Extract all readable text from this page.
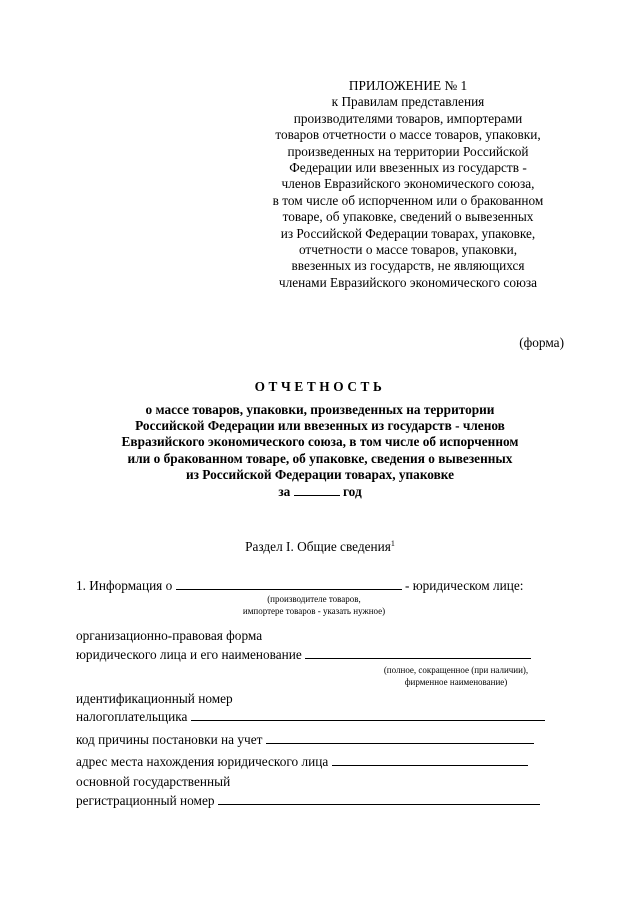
ПРИЛОЖЕНИЕ № 1
к Правилам представления
производителями товаров, импортерами
товаров отчетности о массе товаров, упаковки,
произведенных на территории Российской
Федерации или ввезенных из государств -
членов Евразийского экономического союза,
в том числе об испорченном или о бракованном
товаре, об упаковке, сведений о вывезенных
из Российской Федерации товарах, упаковке,
отчетности о массе товаров, упаковки,
ввезенных из государств, не являющихся
членами Евразийского экономического союза
(форма)
ОТЧЕТНОСТЬ
о массе товаров, упаковки, произведенных на территории
Российской Федерации или ввезенных из государств - членов
Евразийского экономического союза, в том числе об испорченном
или о бракованном товаре, об упаковке, сведения о вывезенных
из Российской Федерации товарах, упаковке
за	год
Раздел I. Общие сведения$^1$
1. Информация о	- юридическом лице:
(производителе товаров,
импортере товаров - указать нужное)
организационно-правовая форма
юридического лица и его наименование
(полное, сокращенное (при наличии),
фирменное наименование)
идентификационный номер
налогоплательщика
код причины постановки на учет
адрес места нахождения юридического лица
основной государственный
регистрационный номер
